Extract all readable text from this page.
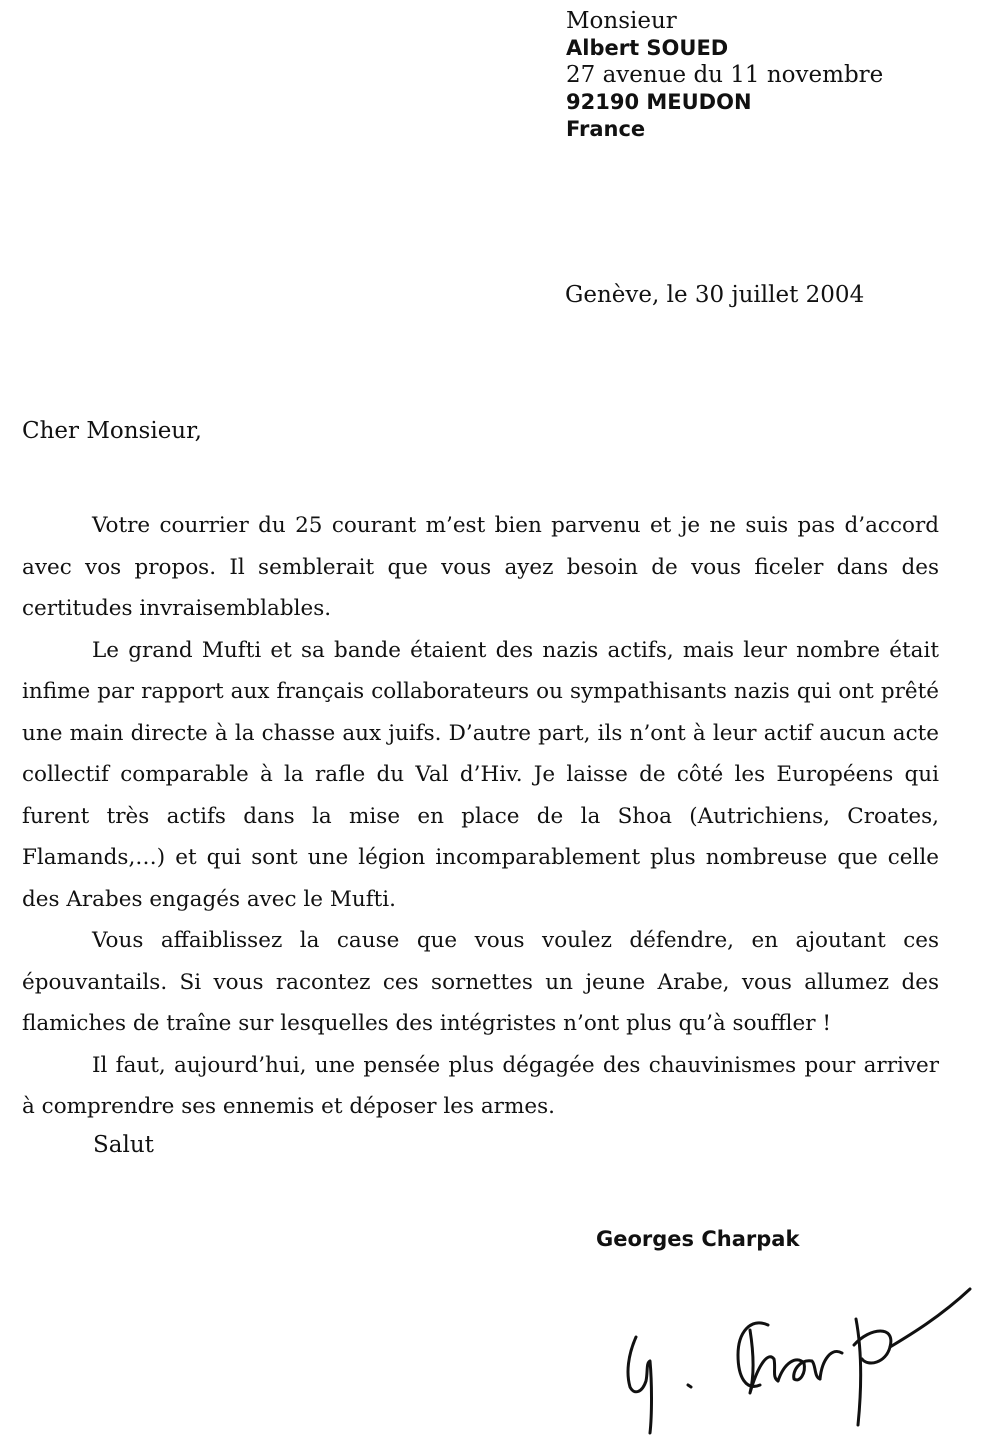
Monsieur
Albert SOUED
27 avenue du 11 novembre
92190 MEUDON
France
Genève, le 30 juillet 2004
Cher Monsieur,

Votre courrier du 25 courant m’est bien parvenu et je ne suis pas d’accord avec vos propos. Il semblerait que vous ayez besoin de vous ficeler dans des certitudes invraisemblables.

Le grand Mufti et sa bande étaient des nazis actifs, mais leur nombre était infime par rapport aux français collaborateurs ou sympathisants nazis qui ont prêté une main directe à la chasse aux juifs. D’autre part, ils n’ont à leur actif aucun acte collectif comparable à la rafle du Val d’Hiv. Je laisse de côté les Européens qui furent très actifs dans la mise en place de la Shoa (Autrichiens, Croates, Flamands,…) et qui sont une légion incomparablement plus nombreuse que celle des Arabes engagés avec le Mufti.

Vous affaiblissez la cause que vous voulez défendre, en ajoutant ces épouvantails. Si vous racontez ces sornettes un jeune Arabe, vous allumez des flamiches de traîne sur lesquelles des intégristes n’ont plus qu’à souffler !

Il faut, aujourd’hui, une pensée plus dégagée des chauvinismes pour arriver à comprendre ses ennemis et déposer les armes.

Salut
Georges Charpak
